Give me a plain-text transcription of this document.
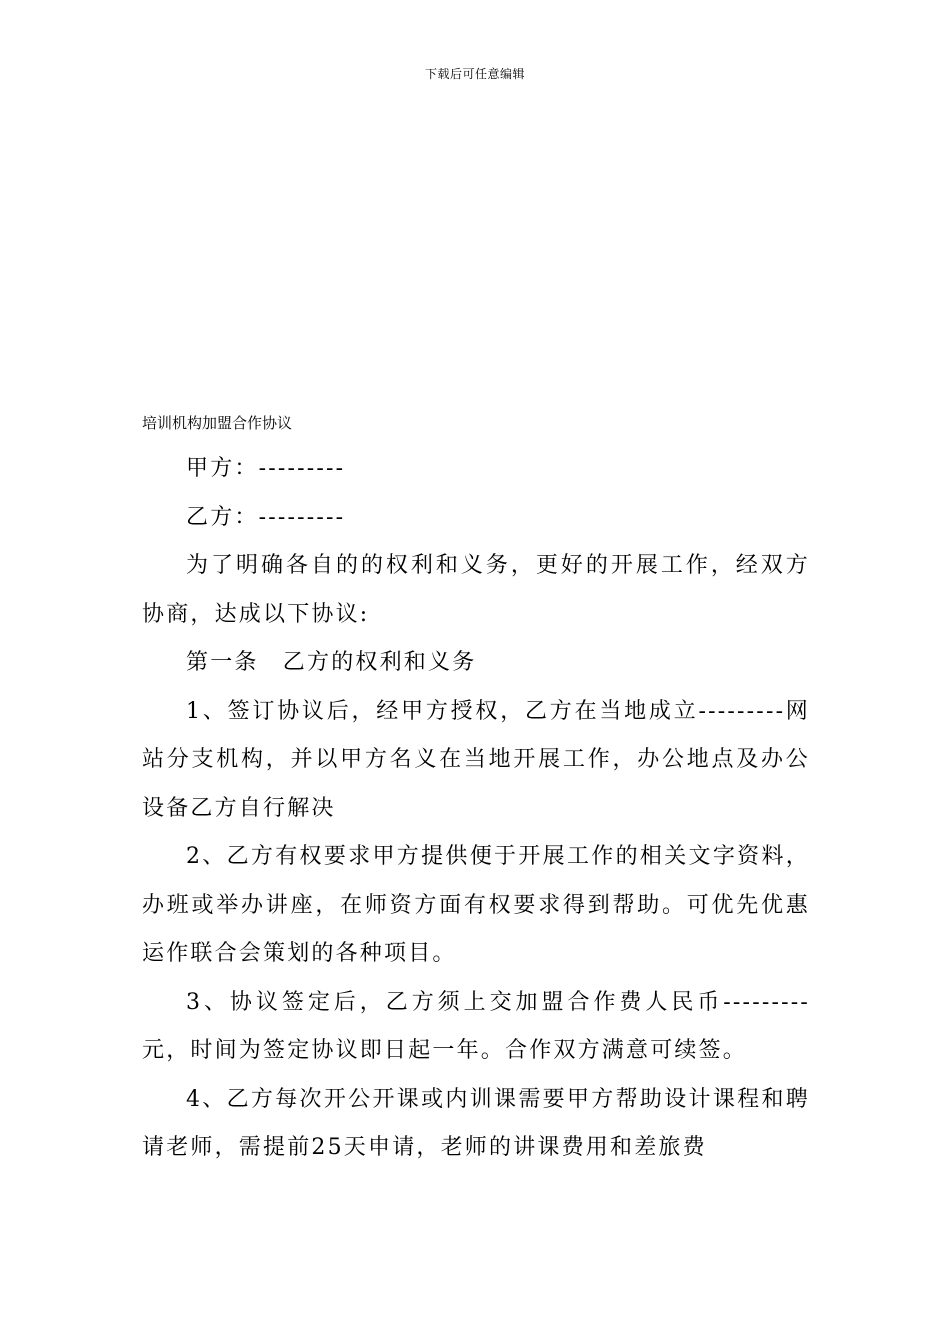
下载后可任意编辑
培训机构加盟合作协议

甲方：---------

乙方：---------

为了明确各自的的权利和义务，更好的开展工作，经双方协商，达成以下协议:

第一条　乙方的权利和义务

1、签订协议后，经甲方授权，乙方在当地成立---------网站分支机构，并以甲方名义在当地开展工作，办公地点及办公设备乙方自行解决

2、乙方有权要求甲方提供便于开展工作的相关文字资料，办班或举办讲座，在师资方面有权要求得到帮助。可优先优惠运作联合会策划的各种项目。

3、协议签定后，乙方须上交加盟合作费人民币---------元，时间为签定协议即日起一年。合作双方满意可续签。

4、乙方每次开公开课或内训课需要甲方帮助设计课程和聘请老师，需提前25天申请，老师的讲课费用和差旅费
